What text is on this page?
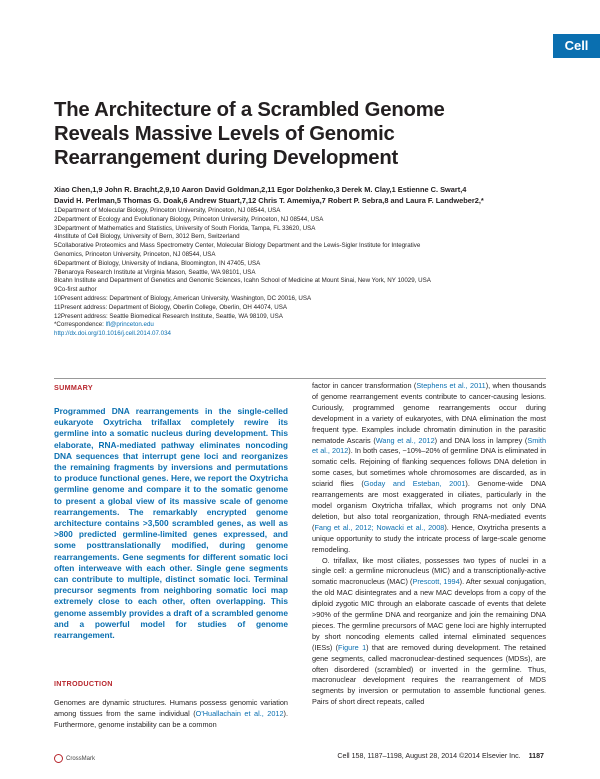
Cell
The Architecture of a Scrambled Genome
Reveals Massive Levels of Genomic
Rearrangement during Development
Xiao Chen,1,9 John R. Bracht,2,9,10 Aaron David Goldman,2,11 Egor Dolzhenko,3 Derek M. Clay,1 Estienne C. Swart,4
David H. Perlman,5 Thomas G. Doak,6 Andrew Stuart,7,12 Chris T. Amemiya,7 Robert P. Sebra,8 and Laura F. Landweber2,*
1Department of Molecular Biology, Princeton University, Princeton, NJ 08544, USA
2Department of Ecology and Evolutionary Biology, Princeton University, Princeton, NJ 08544, USA
3Department of Mathematics and Statistics, University of South Florida, Tampa, FL 33620, USA
4Institute of Cell Biology, University of Bern, 3012 Bern, Switzerland
5Collaborative Proteomics and Mass Spectrometry Center, Molecular Biology Department and the Lewis-Sigler Institute for Integrative
Genomics, Princeton University, Princeton, NJ 08544, USA
6Department of Biology, University of Indiana, Bloomington, IN 47405, USA
7Benaroya Research Institute at Virginia Mason, Seattle, WA 98101, USA
8Icahn Institute and Department of Genetics and Genomic Sciences, Icahn School of Medicine at Mount Sinai, New York, NY 10029, USA
9Co-first author
10Present address: Department of Biology, American University, Washington, DC 20016, USA
11Present address: Department of Biology, Oberlin College, Oberlin, OH 44074, USA
12Present address: Seattle Biomedical Research Institute, Seattle, WA 98109, USA
*Correspondence: lfl@princeton.edu
http://dx.doi.org/10.1016/j.cell.2014.07.034
SUMMARY

Programmed DNA rearrangements in the single-celled eukaryote Oxytricha trifallax completely rewire its germline into a somatic nucleus during development. This elaborate, RNA-mediated pathway eliminates noncoding DNA sequences that interrupt gene loci and reorganizes the remaining fragments by inversions and permutations to produce functional genes. Here, we report the Oxytricha germline genome and compare it to the somatic genome to present a global view of its massive scale of genome rearrangements. The remarkably encrypted genome architecture contains >3,500 scrambled genes, as well as >800 predicted germline-limited genes expressed, and some posttranslationally modified, during genome rearrangements. Gene segments for different somatic loci often interweave with each other. Single gene segments can contribute to multiple, distinct somatic loci. Terminal precursor segments from neighboring somatic loci map extremely close to each other, often overlapping. This genome assembly provides a draft of a scrambled genome and a powerful model for studies of genome rearrangement.

INTRODUCTION

Genomes are dynamic structures. Humans possess genomic variation among tissues from the same individual (O'Huallachain et al., 2012). Furthermore, genome instability can be a common

factor in cancer transformation (Stephens et al., 2011), when thousands of genome rearrangement events contribute to cancer-causing lesions. Curiously, programmed genome rearrangements occur during development in a variety of eukaryotes, with DNA elimination the most frequent type. Examples include chromatin diminution in the parasitic nematode Ascaris (Wang et al., 2012) and DNA loss in lamprey (Smith et al., 2012). In both cases, ~10%–20% of germline DNA is eliminated in somatic cells. Rejoining of flanking sequences follows DNA deletion in some cases, but sometimes whole chromosomes are discarded, as in sciarid flies (Goday and Esteban, 2001). Genome-wide DNA rearrangements are most exaggerated in ciliates, particularly in the model organism Oxytricha trifallax, which programs not only DNA deletion, but also total reorganization, through RNA-mediated events (Fang et al., 2012; Nowacki et al., 2008). Hence, Oxytricha presents a unique opportunity to study the intricate process of large-scale genome remodeling.

O. trifallax, like most ciliates, possesses two types of nuclei in a single cell: a germline micronucleus (MIC) and a transcriptionally-active somatic macronucleus (MAC) (Prescott, 1994). After sexual conjugation, the old MAC disintegrates and a new MAC develops from a copy of the diploid zygotic MIC through an elaborate cascade of events that delete >90% of the germline DNA and reorganize and join the remaining DNA pieces. The germline precursors of MAC gene loci are highly interrupted by short noncoding elements called internal eliminated sequences (IESs) (Figure 1) that are removed during development. The retained gene segments, called macronuclear-destined sequences (MDSs), are often disordered (scrambled) or inverted in the germline. Thus, macronuclear development requires the rearrangement of MDS segments by inversion or permutation to assemble functional genes. Pairs of short direct repeats, called

CrossMark	Cell 158, 1187–1198, August 28, 2014 ©2014 Elsevier Inc. 1187
